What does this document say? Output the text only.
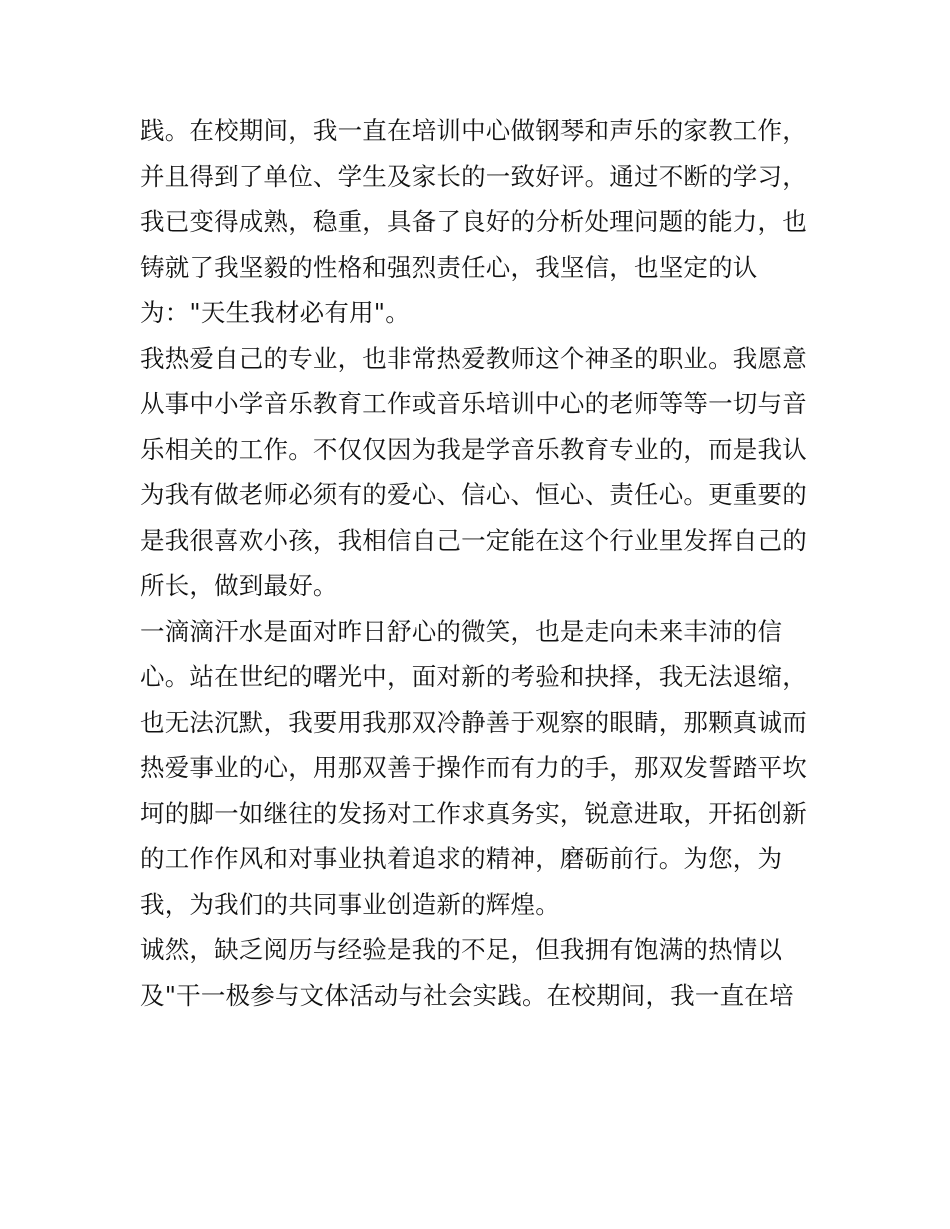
践。在校期间，我一直在培训中心做钢琴和声乐的家教工作，
并且得到了单位、学生及家长的一致好评。通过不断的学习，
我已变得成熟，稳重，具备了良好的分析处理问题的能力，也
铸就了我坚毅的性格和强烈责任心，我坚信，也坚定的认
为："天生我材必有用"。
我热爱自己的专业，也非常热爱教师这个神圣的职业。我愿意
从事中小学音乐教育工作或音乐培训中心的老师等等一切与音
乐相关的工作。不仅仅因为我是学音乐教育专业的，而是我认
为我有做老师必须有的爱心、信心、恒心、责任心。更重要的
是我很喜欢小孩，我相信自己一定能在这个行业里发挥自己的
所长，做到最好。
一滴滴汗水是面对昨日舒心的微笑，也是走向未来丰沛的信
心。站在世纪的曙光中，面对新的考验和抉择，我无法退缩，
也无法沉默，我要用我那双冷静善于观察的眼睛，那颗真诚而
热爱事业的心，用那双善于操作而有力的手，那双发誓踏平坎
坷的脚一如继往的发扬对工作求真务实，锐意进取，开拓创新
的工作作风和对事业执着追求的精神，磨砺前行。为您，为
我，为我们的共同事业创造新的辉煌。
诚然，缺乏阅历与经验是我的不足，但我拥有饱满的热情以
及"干一极参与文体活动与社会实践。在校期间，我一直在培
